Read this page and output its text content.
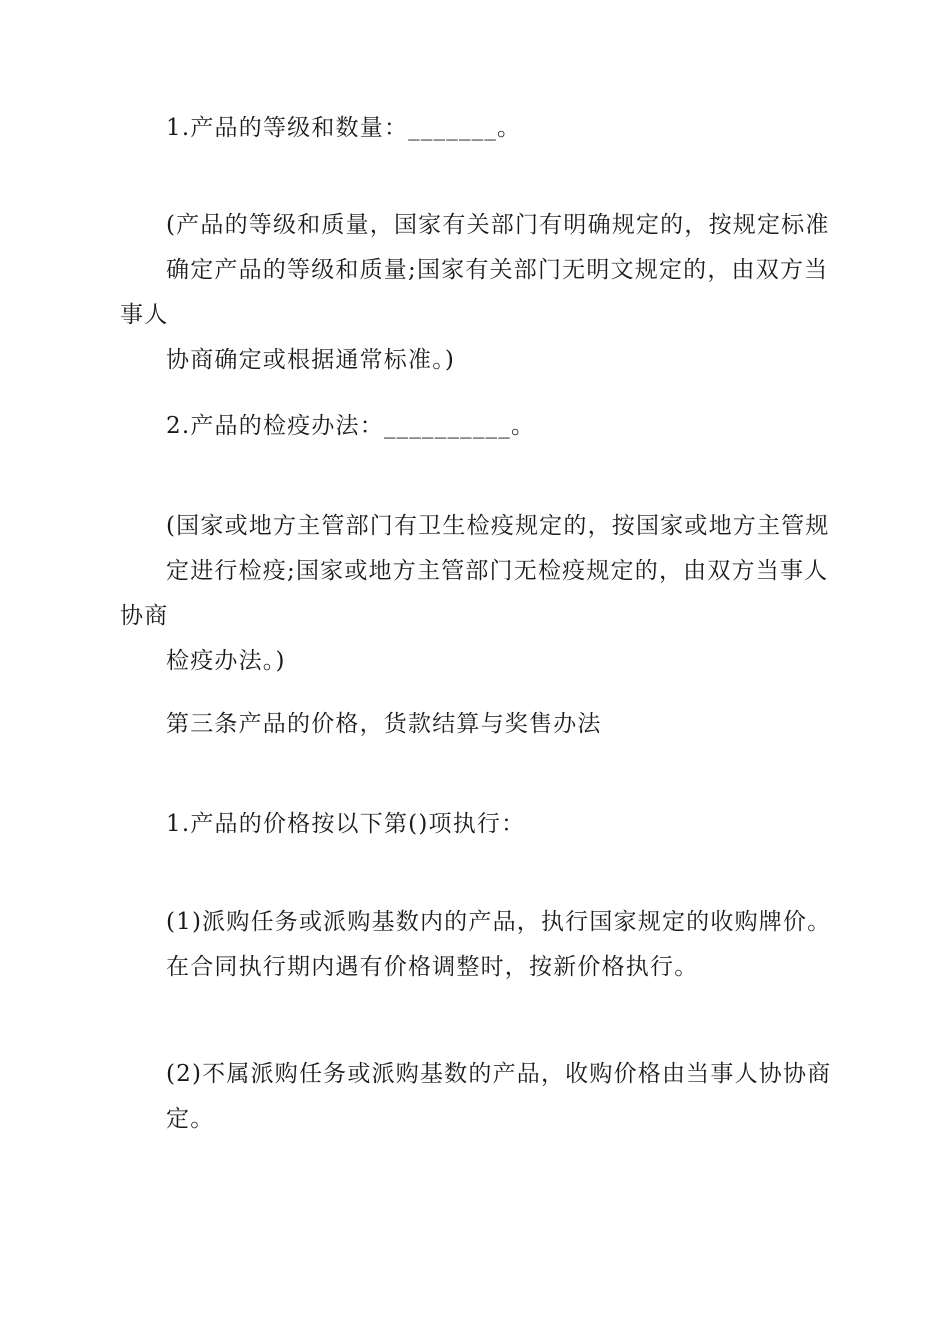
1.产品的等级和数量：_______。

(产品的等级和质量，国家有关部门有明确规定的，按规定标准
确定产品的等级和质量;国家有关部门无明文规定的，由双方当事人
协商确定或根据通常标准。)

2.产品的检疫办法：__________。

(国家或地方主管部门有卫生检疫规定的，按国家或地方主管规
定进行检疫;国家或地方主管部门无检疫规定的，由双方当事人协商
检疫办法。)

第三条产品的价格，货款结算与奖售办法

1.产品的价格按以下第()项执行：

(1)派购任务或派购基数内的产品，执行国家规定的收购牌价。
在合同执行期内遇有价格调整时，按新价格执行。

(2)不属派购任务或派购基数的产品，收购价格由当事人协协商
定。
